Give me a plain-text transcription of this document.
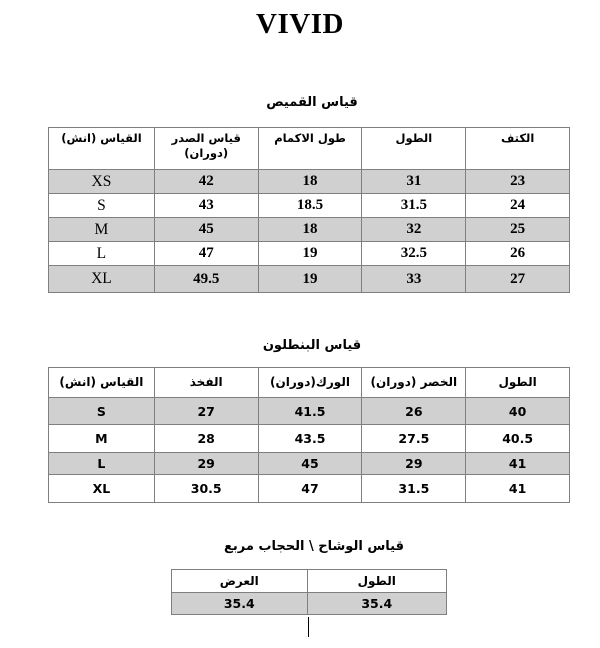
VIVID
قياس القميص
الكتف	الطول	طول الاكمام	قياس الصدر (دوران)	القياس (انش)
23	31	18	42	XS
24	31.5	18.5	43	S
25	32	18	45	M
26	32.5	19	47	L
27	33	19	49.5	XL
قياس البنطلون
الطول	الخصر (دوران)	الورك(دوران)	الفخذ	القياس (انش)
40	26	41.5	27	S
40.5	27.5	43.5	28	M
41	29	45	29	L
41	31.5	47	30.5	XL
قياس الوشاح \ الحجاب مربع
الطول	العرض
35.4	35.4
